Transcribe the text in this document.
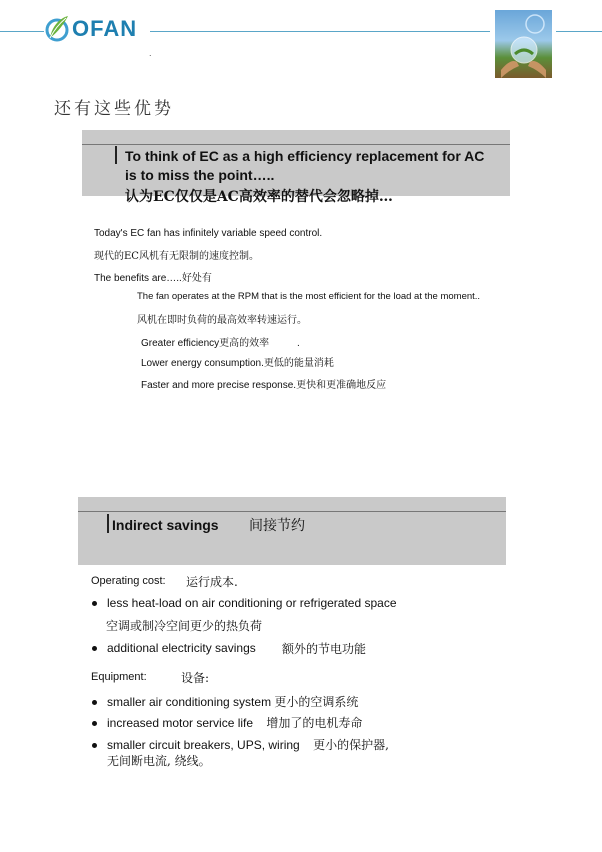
OFAN
.
还有这些优势
To think of EC as a high efficiency replacement for AC
is to miss the point…..
认为EC仅仅是AC高效率的替代会忽略掉…
Today's EC fan has infinitely variable speed control.
现代的EC风机有无限制的速度控制。
The benefits are…..好处有
The fan operates at the RPM that is the most efficient for the load at the moment..
风机在即时负荷的最高效率转速运行。
Greater efficiency更高的效率          .
Lower energy consumption.更低的能量消耗
Faster and more precise response.更快和更准确地反应
Indirect savings 间接节约
Operating cost: 运行成本.
less heat-load on air conditioning or refrigerated space
空调或制冷空间更少的热负荷
additional electricity savings 额外的节电功能
Equipment:	设备:
smaller air conditioning system 更小的空调系统
increased motor service life 增加了的电机寿命
smaller circuit breakers, UPS, wiring 更小的保护器,
无间断电流, 绕线。
